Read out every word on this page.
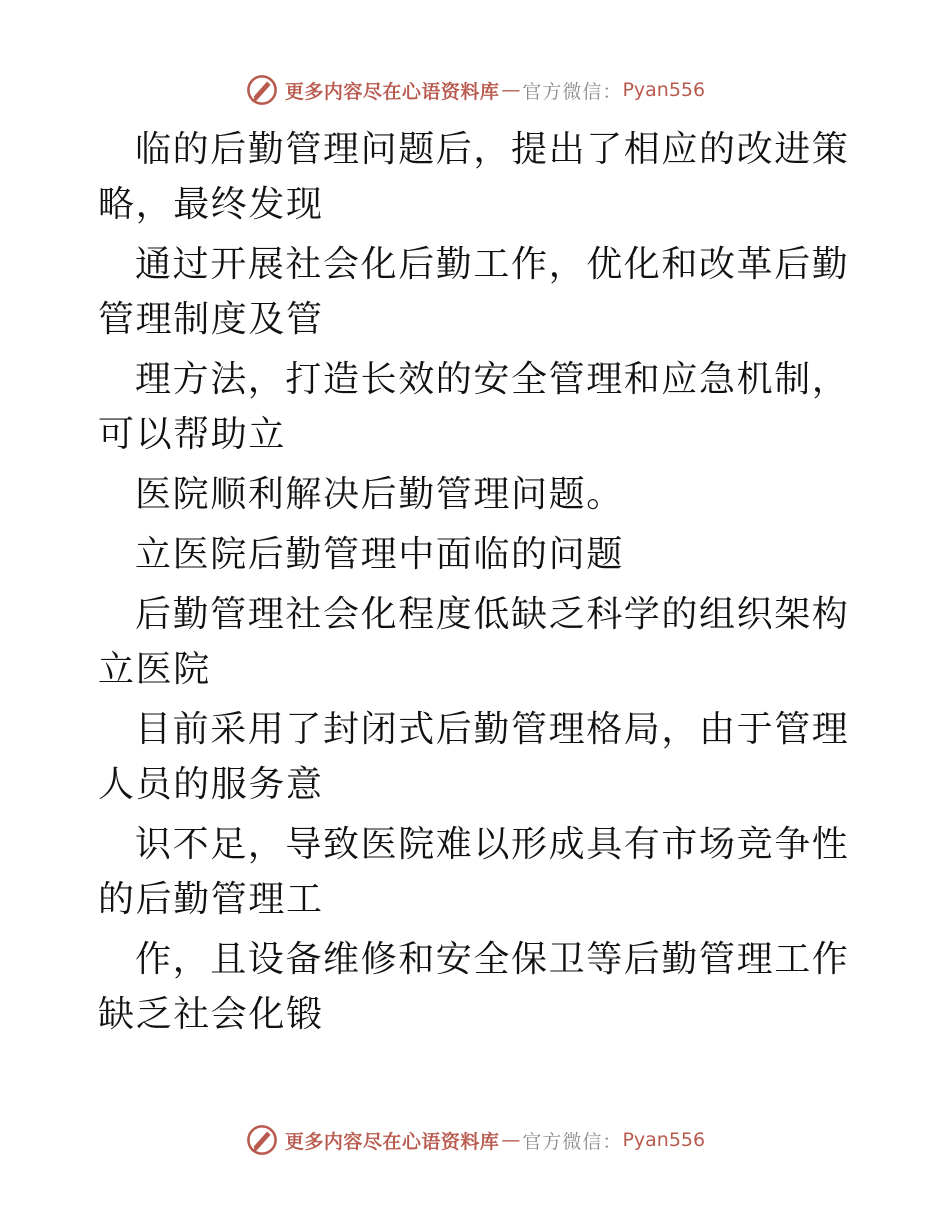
更多内容尽在心语资料库 — 官方微信： Pyan556

临的后勤管理问题后，提出了相应的改进策略，最终发现

通过开展社会化后勤工作，优化和改革后勤管理制度及管

理方法，打造长效的安全管理和应急机制，可以帮助立

医院顺利解决后勤管理问题。

立医院后勤管理中面临的问题

后勤管理社会化程度低缺乏科学的组织架构立医院

目前采用了封闭式后勤管理格局，由于管理人员的服务意

识不足，导致医院难以形成具有市场竞争性的后勤管理工

作，且设备维修和安全保卫等后勤管理工作缺乏社会化锻

更多内容尽在心语资料库 — 官方微信： Pyan556
